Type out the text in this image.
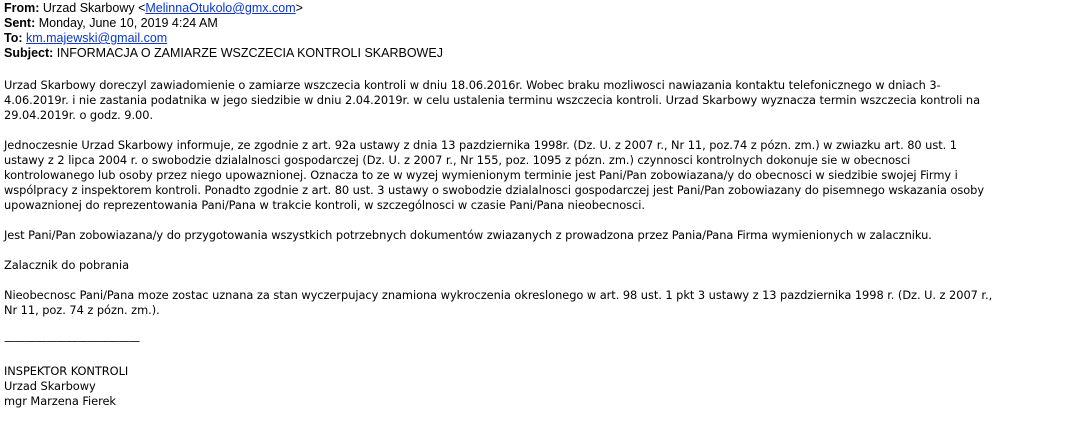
From: Urzad Skarbowy <MelinnaOtukolo@gmx.com>
Sent: Monday, June 10, 2019 4:24 AM
To: km.majewski@gmail.com
Subject: INFORMACJA O ZAMIARZE WSZCZECIA KONTROLI SKARBOWEJ

Urzad Skarbowy doreczyl zawiadomienie o zamiarze wszczecia kontroli w dniu 18.06.2016r. Wobec braku mozliwosci nawiazania kontaktu telefonicznego w dniach 3-
4.06.2019r. i nie zastania podatnika w jego siedzibie w dniu 2.04.2019r. w celu ustalenia terminu wszczecia kontroli. Urzad Skarbowy wyznacza termin wszczecia kontroli na
29.04.2019r. o godz. 9.00.

Jednoczesnie Urzad Skarbowy informuje, ze zgodnie z art. 92a ustawy z dnia 13 pazdziernika 1998r. (Dz. U. z 2007 r., Nr 11, poz.74 z pózn. zm.) w zwiazku art. 80 ust. 1
ustawy z 2 lipca 2004 r. o swobodzie dzialalnosci gospodarczej (Dz. U. z 2007 r., Nr 155, poz. 1095 z pózn. zm.) czynnosci kontrolnych dokonuje sie w obecnosci
kontrolowanego lub osoby przez niego upowaznionej. Oznacza to ze w wyzej wymienionym terminie jest Pani/Pan zobowiazana/y do obecnosci w siedzibie swojej Firmy i
wspólpracy z inspektorem kontroli. Ponadto zgodnie z art. 80 ust. 3 ustawy o swobodzie dzialalnosci gospodarczej jest Pani/Pan zobowiazany do pisemnego wskazania osoby
upowaznionej do reprezentowania Pani/Pana w trakcie kontroli, w szczególnosci w czasie Pani/Pana nieobecnosci.

Jest Pani/Pan zobowiazana/y do przygotowania wszystkich potrzebnych dokumentów zwiazanych z prowadzona przez Pania/Pana Firma wymienionych w zalaczniku.

Zalacznik do pobrania

Nieobecnosc Pani/Pana moze zostac uznana za stan wyczerpujacy znamiona wykroczenia okreslonego w art. 98 ust. 1 pkt 3 ustawy z 13 pazdziernika 1998 r. (Dz. U. z 2007 r.,
Nr 11, poz. 74 z pózn. zm.).

—————————————

INSPEKTOR KONTROLI
Urzad Skarbowy
mgr Marzena Fierek
